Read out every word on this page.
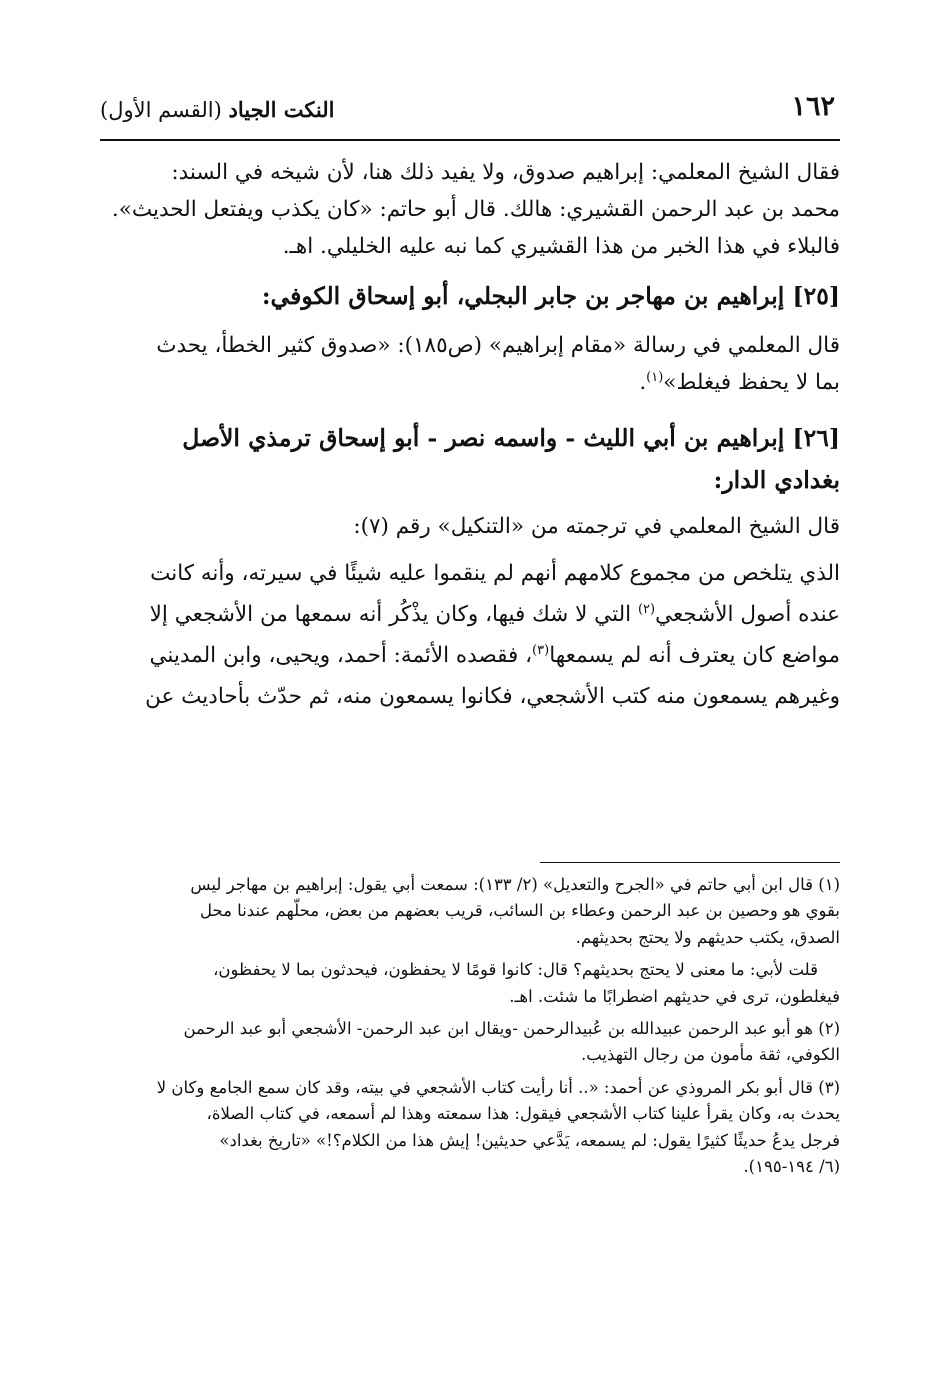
١٦٢
النكت الجياد (القسم الأول)

فقال الشيخ المعلمي: إبراهيم صدوق، ولا يفيد ذلك هنا، لأن شيخه في السند:
محمد بن عبد الرحمن القشيري: هالك. قال أبو حاتم: «كان يكذب ويفتعل الحديث».
فالبلاء في هذا الخبر من هذا القشيري كما نبه عليه الخليلي. اهـ.

[٢٥] إبراهيم بن مهاجر بن جابر البجلي، أبو إسحاق الكوفي:

قال المعلمي في رسالة «مقام إبراهيم» (ص١٨٥): «صدوق كثير الخطأ، يحدث
بما لا يحفظ فيغلط»$^{(١)}$.

[٢٦] إبراهيم بن أبي الليث - واسمه نصر - أبو إسحاق ترمذي الأصل
بغدادي الدار:

قال الشيخ المعلمي في ترجمته من «التنكيل» رقم (٧):

الذي يتلخص من مجموع كلامهم أنهم لم ينقموا عليه شيئًا في سيرته، وأنه كانت
عنده أصول الأشجعي$^{(٢)}$ التي لا شك فيها، وكان يذْكُر أنه سمعها من الأشجعي إلا
مواضع كان يعترف أنه لم يسمعها$^{(٣)}$، فقصده الأئمة: أحمد، ويحيى، وابن المديني
وغيرهم يسمعون منه كتب الأشجعي، فكانوا يسمعون منه، ثم حدّث بأحاديث عن

(١) قال ابن أبي حاتم في «الجرح والتعديل» (٢/ ١٣٣): سمعت أبي يقول: إبراهيم بن مهاجر ليس
بقوي هو وحصين بن عبد الرحمن وعطاء بن السائب، قريب بعضهم من بعض، محلّهم عندنا محل
الصدق، يكتب حديثهم ولا يحتج بحديثهم.

قلت لأبي: ما معنى لا يحتج بحديثهم؟ قال: كانوا قومًا لا يحفظون، فيحدثون بما لا يحفظون،
فيغلطون، ترى في حديثهم اضطرابًا ما شئت. اهـ.

(٢) هو أبو عبد الرحمن عبيدالله بن عُبيدالرحمن -ويقال ابن عبد الرحمن- الأشجعي أبو عبد الرحمن
الكوفي، ثقة مأمون من رجال التهذيب.

(٣) قال أبو بكر المروذي عن أحمد: «.. أنا رأيت كتاب الأشجعي في بيته، وقد كان سمع الجامع وكان لا
يحدث به، وكان يقرأ علينا كتاب الأشجعي فيقول: هذا سمعته وهذا لم أسمعه، في كتاب الصلاة،
فرجل يدعُ حديثًا كثيرًا يقول: لم يسمعه، يَدَّعي حديثين! إيش هذا من الكلام؟!» «تاريخ بغداد»
(٦/ ١٩٤-١٩٥).
